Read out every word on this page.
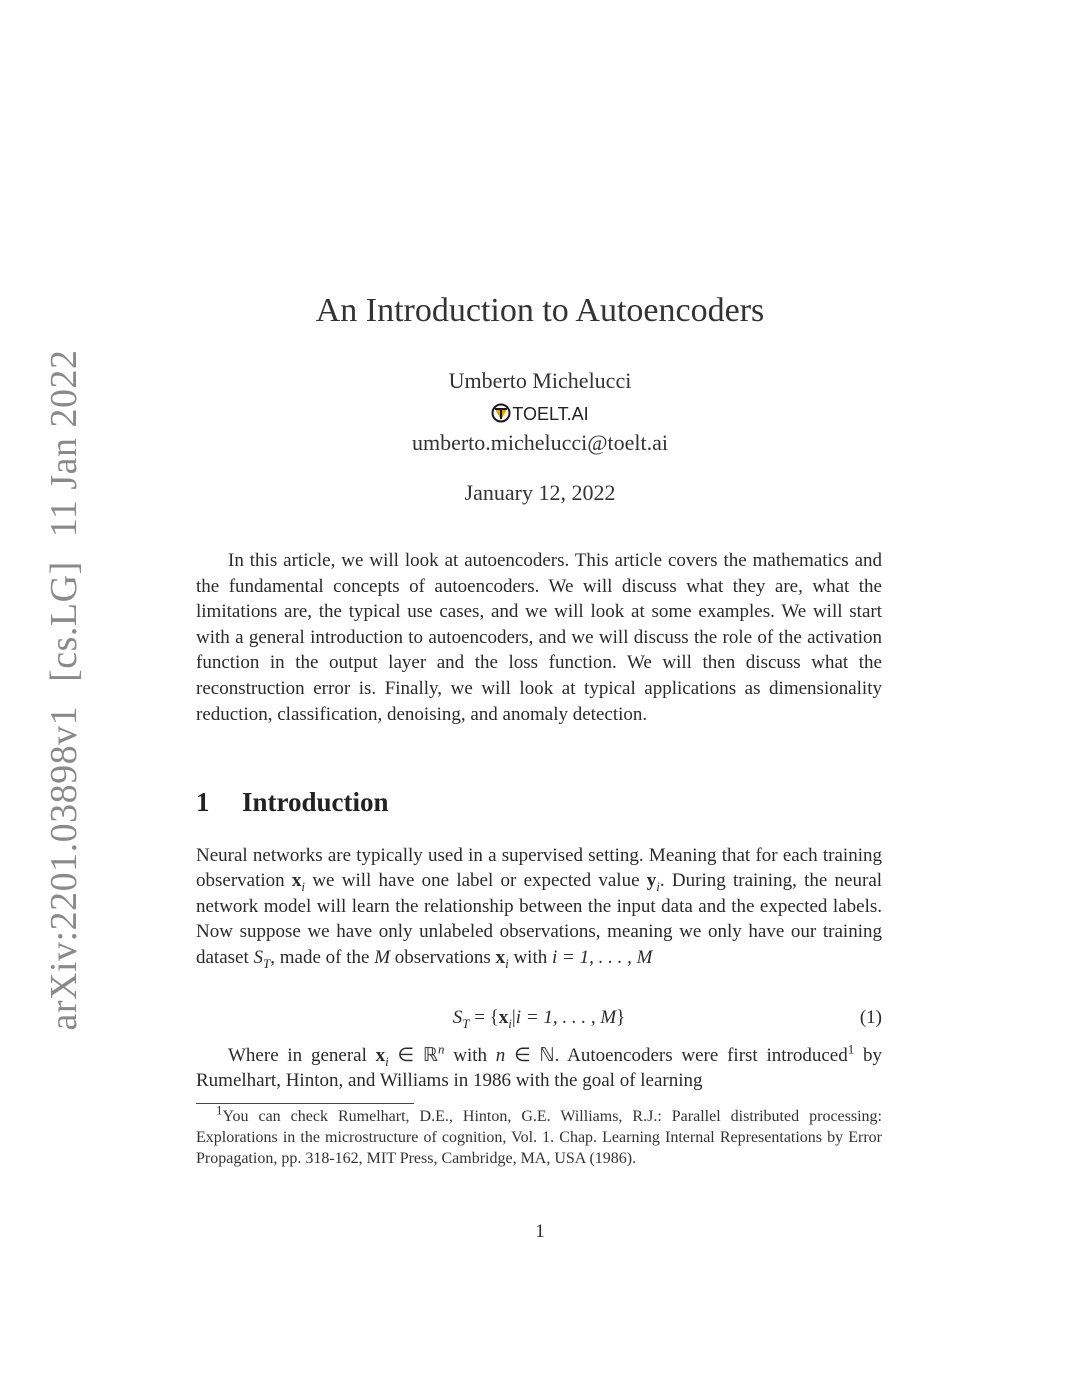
arXiv:2201.03898v1[cs.LG]11 Jan 2022
An Introduction to Autoencoders
Umberto Michelucci
TOELT.AI
umberto.michelucci@toelt.ai
January 12, 2022
In this article, we will look at autoencoders. This article covers the mathematics and the fundamental concepts of autoencoders. We will discuss what they are, what the limitations are, the typical use cases, and we will look at some examples. We will start with a general introduction to autoencoders, and we will discuss the role of the activation function in the output layer and the loss function. We will then discuss what the reconstruction error is. Finally, we will look at typical applications as dimensionality reduction, classification, denoising, and anomaly detection.
1 Introduction
Neural networks are typically used in a supervised setting. Meaning that for each training observation $x_i$ we will have one label or expected value $y_i$. During training, the neural network model will learn the relationship between the input data and the expected labels. Now suppose we have only unlabeled observations, meaning we only have our training dataset $S_T$, made of the M observations $x_i$ with i = 1, . . . , M
$S_T = \{x_i|i = 1$, . . . , M}	(1)
Where in general $x_i$ ∈ ℝ$^n$ with n ∈ ℕ. Autoencoders were first introduced$^1$ by Rumelhart, Hinton, and Williams in 1986 with the goal of learning
$^1$You can check Rumelhart, D.E., Hinton, G.E. Williams, R.J.: Parallel distributed processing: Explorations in the microstructure of cognition, Vol. 1. Chap. Learning Internal Representations by Error Propagation, pp. 318-162, MIT Press, Cambridge, MA, USA (1986).
1
